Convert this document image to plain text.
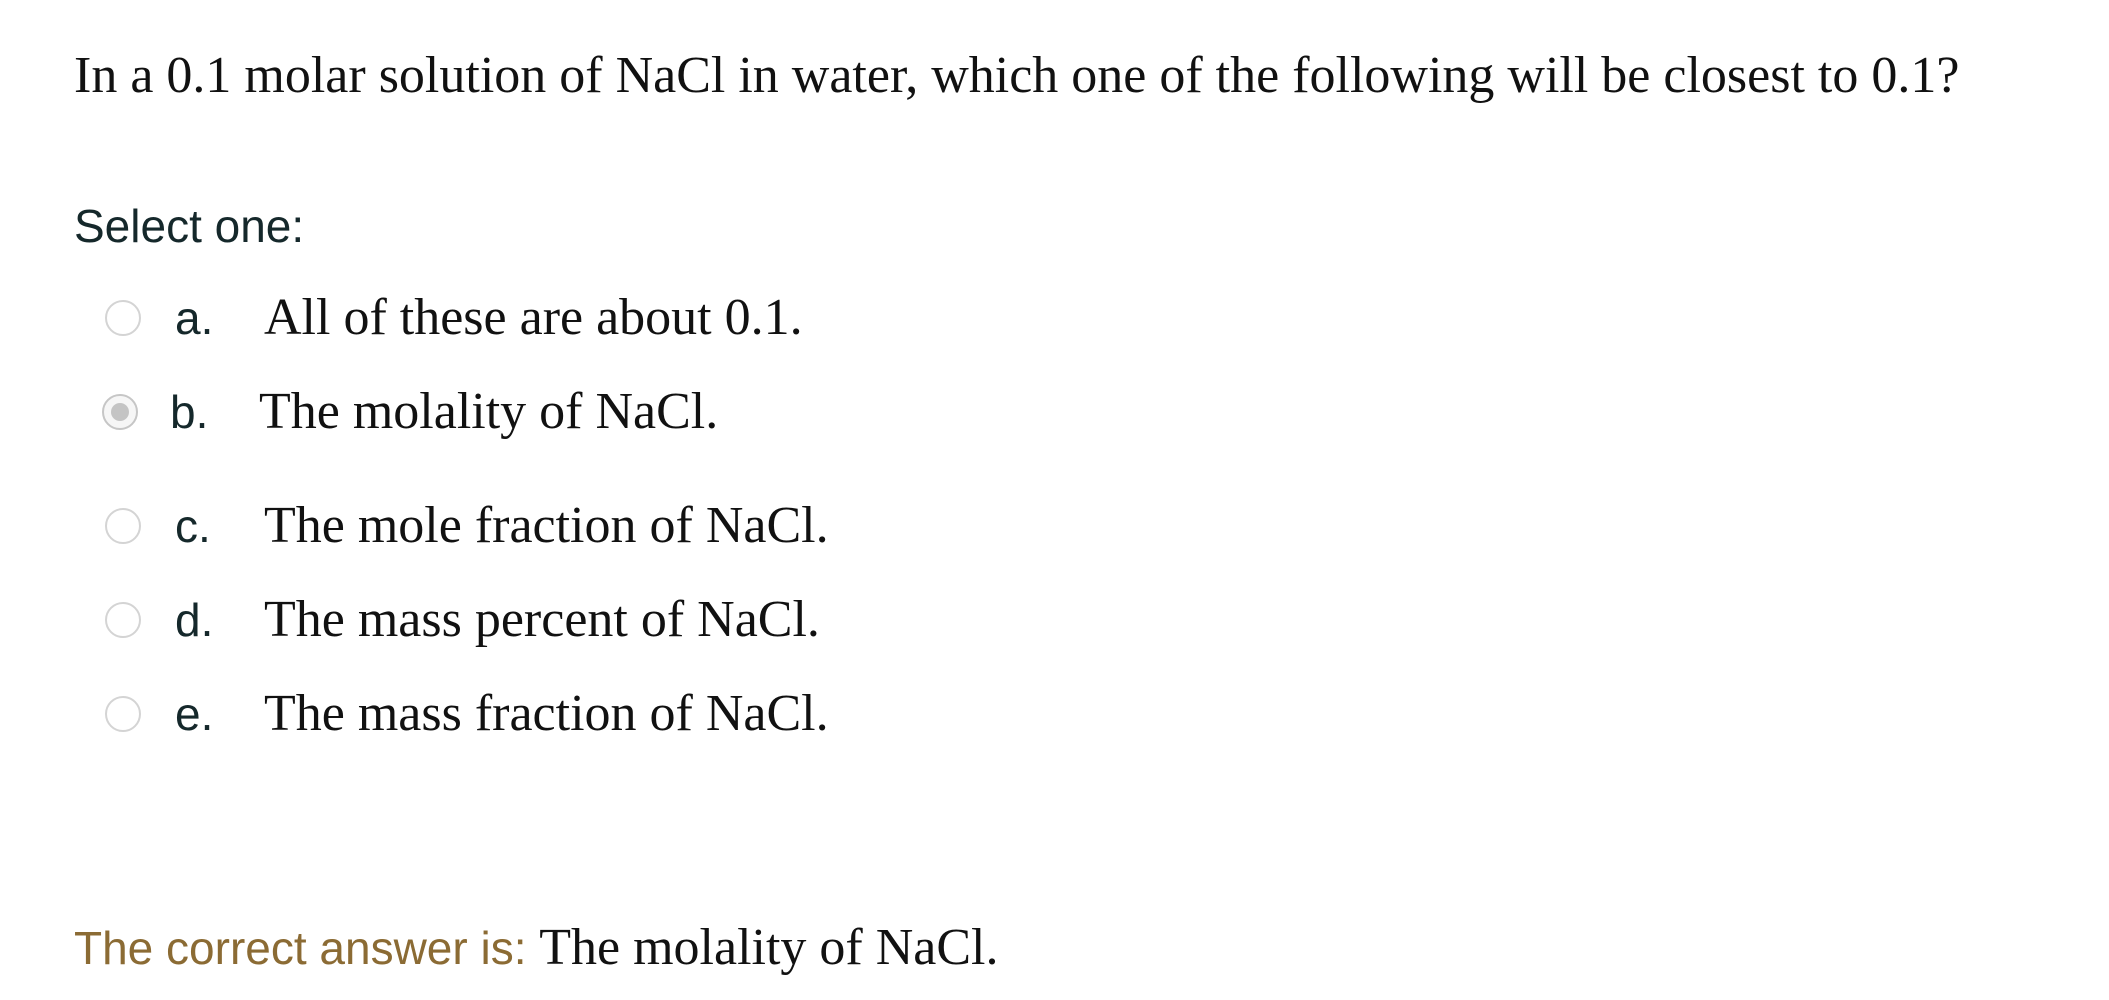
In a 0.1 molar solution of NaCl in water, which one of the following will be closest to 0.1?

Select one:
a. All of these are about 0.1.
b. The molality of NaCl.
c. The mole fraction of NaCl.
d. The mass percent of NaCl.
e. The mass fraction of NaCl.
The correct answer is: The molality of NaCl.
